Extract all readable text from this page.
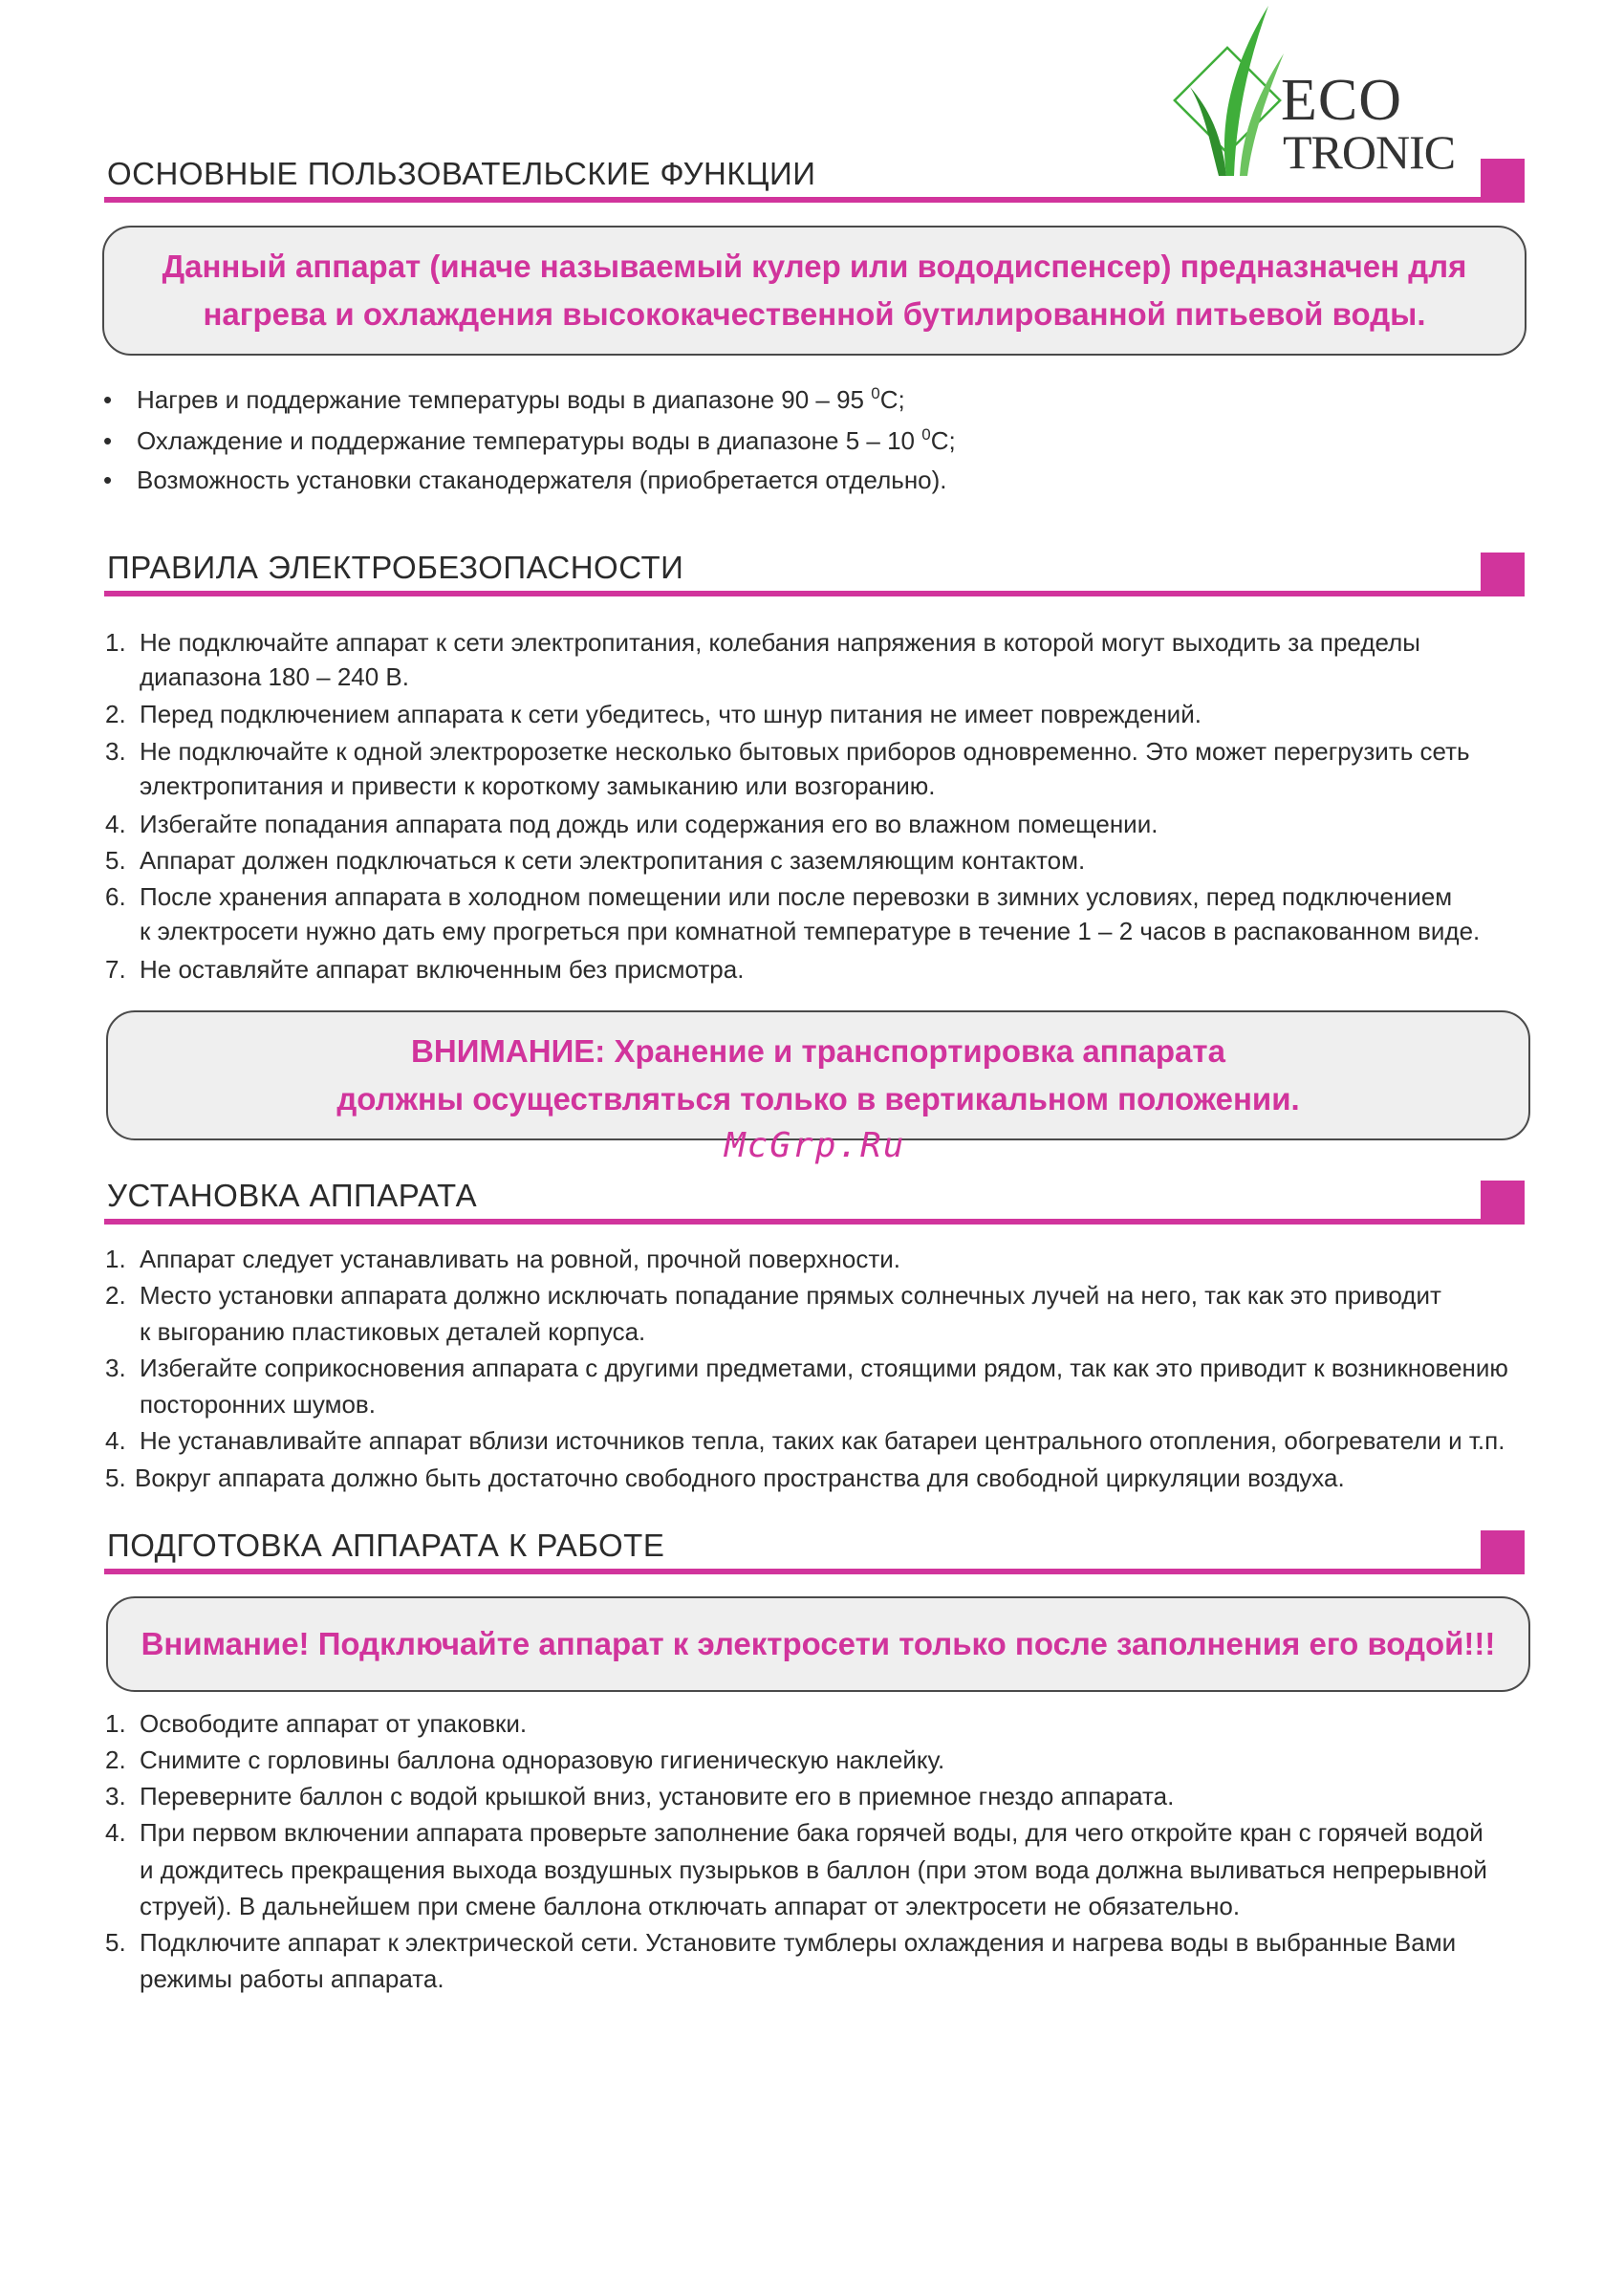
ECO
TRONIC
ОСНОВНЫЕ ПОЛЬЗОВАТЕЛЬСКИЕ ФУНКЦИИ
Данный аппарат (иначе называемый кулер или вододиспенсер) предназначен для
нагрева и охлаждения высококачественной бутилированной питьевой воды.
• Нагрев и поддержание температуры воды в диапазоне 90 – 95 $^0$С;
• Охлаждение и поддержание температуры воды в диапазоне 5 – 10 $^0$С;
• Возможность установки стаканодержателя (приобретается отдельно).
ПРАВИЛА ЭЛЕКТРОБЕЗОПАСНОСТИ
1. Не подключайте аппарат к сети электропитания, колебания напряжения в которой могут выходить за пределы
диапазона 180 – 240 В.
2. Перед подключением аппарата к сети убедитесь, что шнур питания не имеет повреждений.
3. Не подключайте к одной электророзетке несколько бытовых приборов одновременно. Это может перегрузить сеть
электропитания и привести к короткому замыканию или возгоранию.
4. Избегайте попадания аппарата под дождь или содержания его во влажном помещении.
5. Аппарат должен подключаться к сети электропитания с заземляющим контактом.
6. После хранения аппарата в холодном помещении или после перевозки в зимних условиях, перед подключением
к электросети нужно дать ему прогреться при комнатной температуре в течение 1 – 2 часов в распакованном виде.
7. Не оставляйте аппарат включенным без присмотра.
ВНИМАНИЕ: Хранение и транспортировка аппарата
должны осуществляться только в вертикальном положении.
McGrp.Ru
УСТАНОВКА АППАРАТА
1. Аппарат следует устанавливать на ровной, прочной поверхности.
2. Место установки аппарата должно исключать попадание прямых солнечных лучей на него, так как это приводит
к выгоранию пластиковых деталей корпуса.
3. Избегайте соприкосновения аппарата с другими предметами, стоящими рядом, так как это приводит к возникновению
посторонних шумов.
4. Не устанавливайте аппарат вблизи источников тепла, таких как батареи центрального отопления, обогреватели и т.п.
5. Вокруг аппарата должно быть достаточно свободного пространства для свободной циркуляции воздуха.
ПОДГОТОВКА АППАРАТА К РАБОТЕ
Внимание! Подключайте аппарат к электросети только после заполнения его водой!!!
1. Освободите аппарат от упаковки.
2. Снимите с горловины баллона одноразовую гигиеническую наклейку.
3. Переверните баллон с водой крышкой вниз, установите его в приемное гнездо аппарата.
4. При первом включении аппарата проверьте заполнение бака горячей воды, для чего откройте кран с горячей водой
и дождитесь прекращения выхода воздушных пузырьков в баллон (при этом вода должна выливаться непрерывной
струей). В дальнейшем при смене баллона отключать аппарат от электросети не обязательно.
5. Подключите аппарат к электрической сети. Установите тумблеры охлаждения и нагрева воды в выбранные Вами
режимы работы аппарата.
